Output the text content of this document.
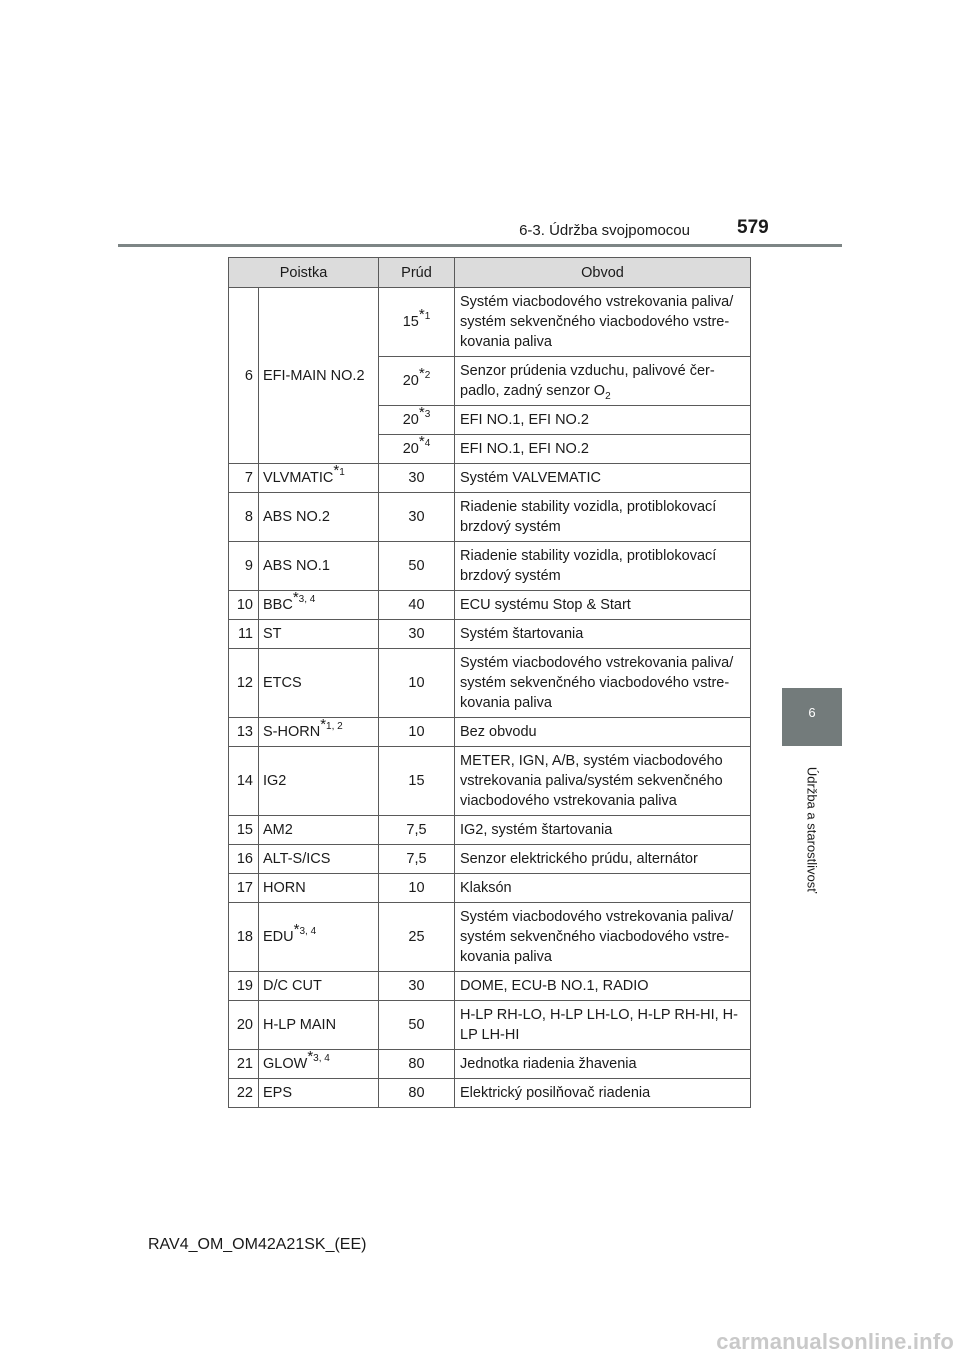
6-3. Údržba svojpomocou 579
6
Údržba a starostlivosť
Poistka		Prúd	Obvod
6	EFI-MAIN NO.2	15$^{*1}$	Systém viacbodového vstrekovania paliva/ systém sekvenčného viacbodového vstre-kovania paliva
		20$^{*2}$	Senzor prúdenia vzduchu, palivové čer-padlo, zadný senzor $O_2$
		20$^{*3}$	EFI NO.1, EFI NO.2
		20$^{*4}$	EFI NO.1, EFI NO.2
7	VLVMATIC$^{*1}$	30	Systém VALVEMATIC
8	ABS NO.2	30	Riadenie stability vozidla, protiblokovací brzdový systém
9	ABS NO.1	50	Riadenie stability vozidla, protiblokovací brzdový systém
10	BBC$^{*3, 4}$	40	ECU systému Stop & Start
11	ST	30	Systém štartovania
12	ETCS	10	Systém viacbodového vstrekovania paliva/ systém sekvenčného viacbodového vstre-kovania paliva
13	S-HORN$^{*1, 2}$	10	Bez obvodu
14	IG2	15	METER, IGN, A/B, systém viacbodového vstrekovania paliva/systém sekvenčného viacbodového vstrekovania paliva
15	AM2	7,5	IG2, systém štartovania
16	ALT-S/ICS	7,5	Senzor elektrického prúdu, alternátor
17	HORN	10	Klaksón
18	EDU$^{*3, 4}$	25	Systém viacbodového vstrekovania paliva/ systém sekvenčného viacbodového vstre-kovania paliva
19	D/C CUT	30	DOME, ECU-B NO.1, RADIO
20	H-LP MAIN	50	H-LP RH-LO, H-LP LH-LO, H-LP RH-HI, H-LP LH-HI
21	GLOW$^{*3, 4}$	80	Jednotka riadenia žhavenia
22	EPS	80	Elektrický posilňovač riadenia
RAV4_OM_OM42A21SK_(EE)
carmanualsonline.info
